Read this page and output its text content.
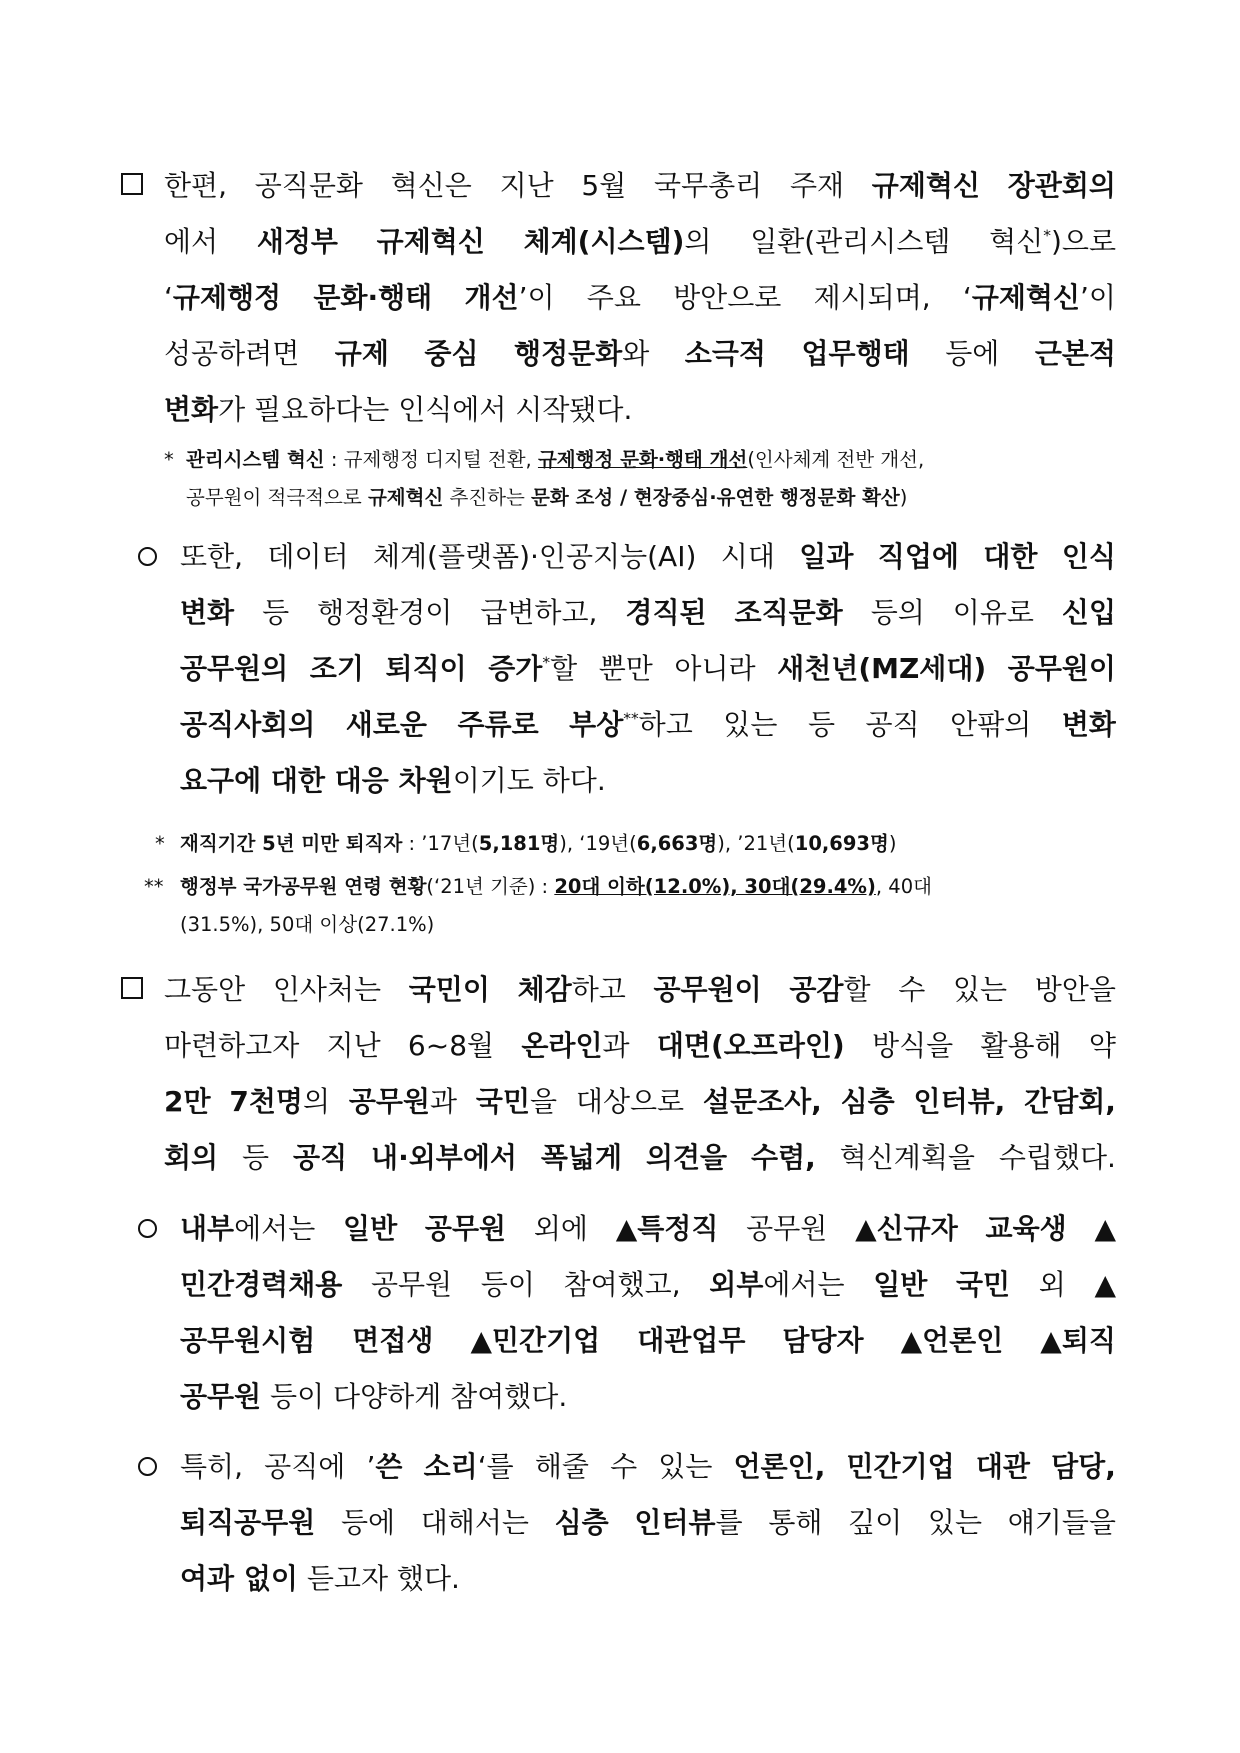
한편, 공직문화 혁신은 지난 5월 국무총리 주재 규제혁신 장관회의
에서 새정부 규제혁신 체계(시스템)의 일환(관리시스템 혁신*)으로
‘규제행정 문화·행태 개선’이 주요 방안으로 제시되며, ‘규제혁신’이
성공하려면 규제 중심 행정문화와 소극적 업무행태 등에 근본적
변화가 필요하다는 인식에서 시작됐다.
* 관리시스템 혁신 : 규제행정 디지털 전환, 규제행정 문화·행태 개선(인사체계 전반 개선,
공무원이 적극적으로 규제혁신 추진하는 문화 조성 / 현장중심·유연한 행정문화 확산)
또한, 데이터 체계(플랫폼)·인공지능(AI) 시대 일과 직업에 대한 인식
변화 등 행정환경이 급변하고, 경직된 조직문화 등의 이유로 신입
공무원의 조기 퇴직이 증가*할 뿐만 아니라 새천년(MZ세대) 공무원이
공직사회의 새로운 주류로 부상**하고 있는 등 공직 안팎의 변화
요구에 대한 대응 차원이기도 하다.
* 재직기간 5년 미만 퇴직자 : ’17년(5,181명), ‘19년(6,663명), ’21년(10,693명)
** 행정부 국가공무원 연령 현황(‘21년 기준) : 20대 이하(12.0%), 30대(29.4%), 40대
(31.5%), 50대 이상(27.1%)
그동안 인사처는 국민이 체감하고 공무원이 공감할 수 있는 방안을
마련하고자 지난 6~8월 온라인과 대면(오프라인) 방식을 활용해 약
2만 7천명의 공무원과 국민을 대상으로 설문조사, 심층 인터뷰, 간담회,
회의 등 공직 내·외부에서 폭넓게 의견을 수렴, 혁신계획을 수립했다.
내부에서는 일반 공무원 외에 ▲특정직 공무원 ▲신규자 교육생 ▲
민간경력채용 공무원 등이 참여했고, 외부에서는 일반 국민 외 ▲
공무원시험 면접생 ▲민간기업 대관업무 담당자 ▲언론인 ▲퇴직
공무원 등이 다양하게 참여했다.
특히, 공직에 ’쓴 소리‘를 해줄 수 있는 언론인, 민간기업 대관 담당,
퇴직공무원 등에 대해서는 심층 인터뷰를 통해 깊이 있는 얘기들을
여과 없이 듣고자 했다.
